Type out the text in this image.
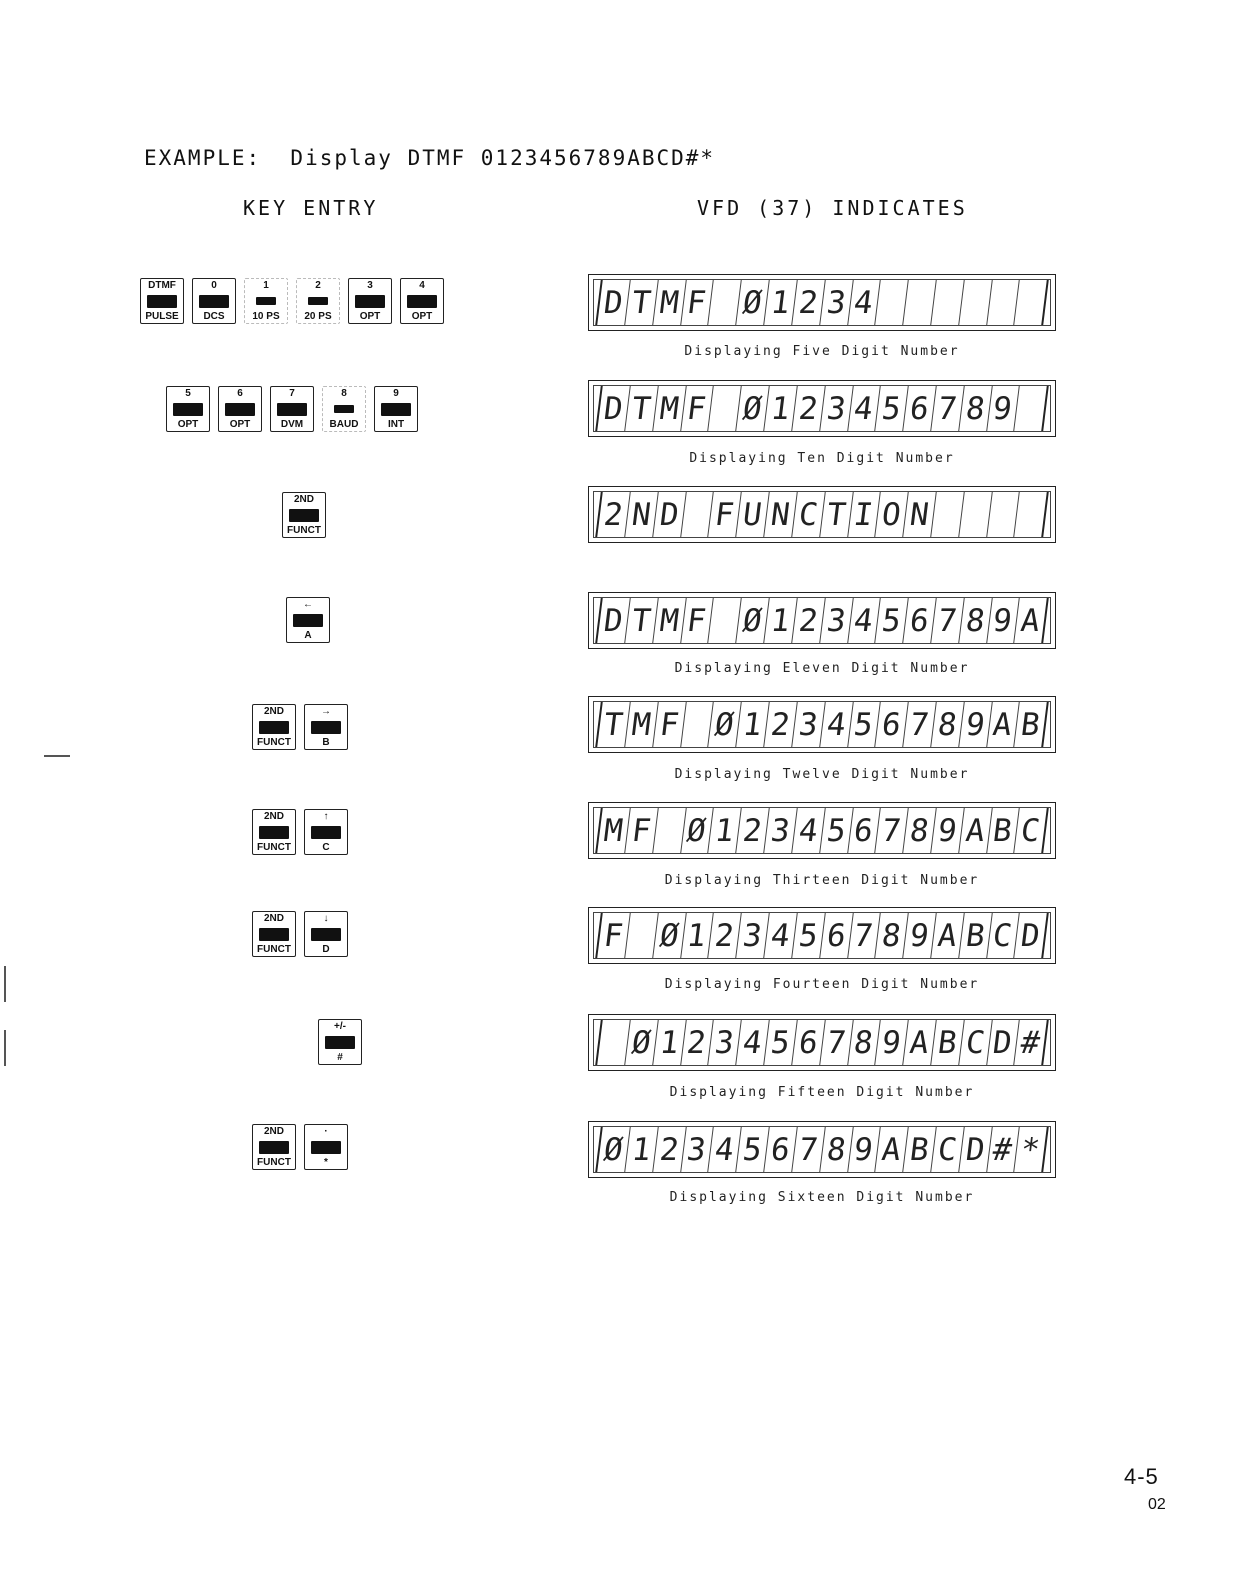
EXAMPLE:  Display DTMF 0123456789ABCD#*
KEY ENTRY	VFD (37) INDICATES
DTMF
PULSE
0
DCS
1
10 PS
2
20 PS
3
OPT
4
OPT
5
OPT
6
OPT
7
DVM
8
BAUD
9
INT
2ND
FUNCT
←
A
2ND
FUNCT
→
B
2ND
FUNCT
↑
C
2ND
FUNCT
↓
D
+/-
#
2ND
FUNCT
·
*
D T M F Ø 1 2 3 4
Displaying Five Digit Number
D T M F Ø 1 2 3 4 5 6 7 8 9
Displaying Ten Digit Number
2 N D F U N C T I O N
D T M F Ø 1 2 3 4 5 6 7 8 9 A
Displaying Eleven Digit Number
T M F Ø 1 2 3 4 5 6 7 8 9 A B
Displaying Twelve Digit Number
M F Ø 1 2 3 4 5 6 7 8 9 A B C
Displaying Thirteen Digit Number
F Ø 1 2 3 4 5 6 7 8 9 A B C D
Displaying Fourteen Digit Number
Ø 1 2 3 4 5 6 7 8 9 A B C D #
Displaying Fifteen Digit Number
Ø 1 2 3 4 5 6 7 8 9 A B C D # *
Displaying Sixteen Digit Number
4-5
02
